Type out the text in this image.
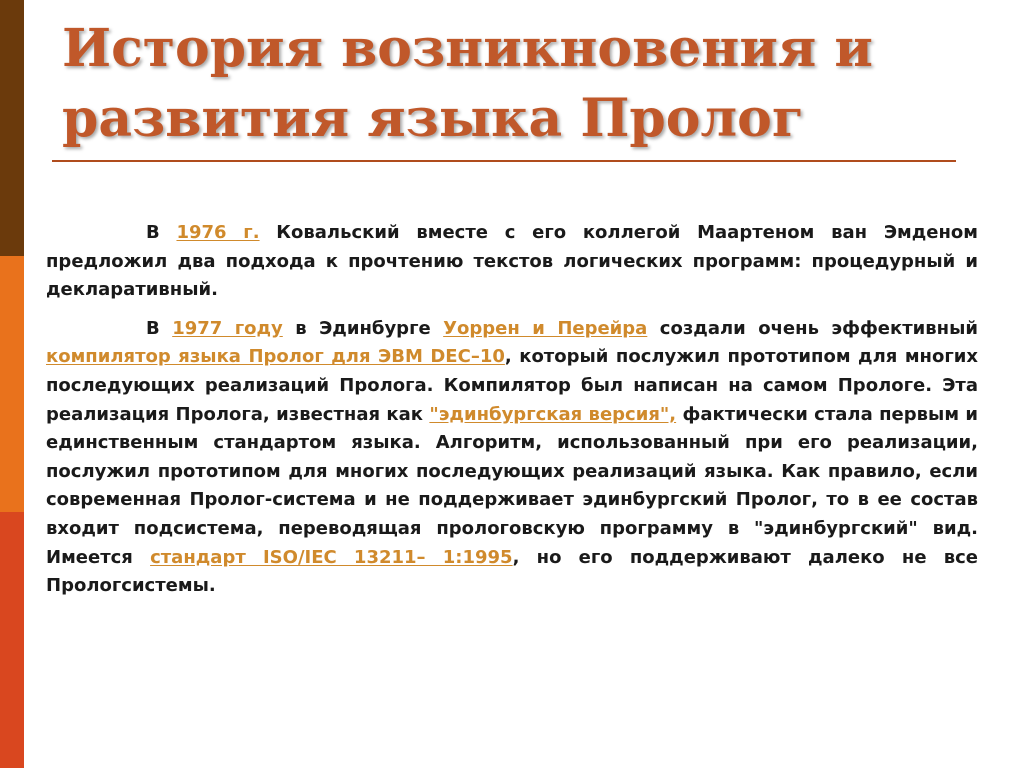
История возникновения и
развития языка Пролог

В 1976 г. Ковальский вместе с его коллегой Маартеном ван Эмденом предложил два подхода к прочтению текстов логических программ: процедурный и декларативный.

В 1977 году в Эдинбурге Уоррен и Перейра создали очень эффективный компилятор языка Пролог для ЭВМ DEC–10, который послужил прототипом для многих последующих реализаций Пролога. Компилятор был написан на самом Прологе. Эта реализация Пролога, известная как "эдинбургская версия", фактически стала первым и единственным стандартом языка. Алгоритм, использованный при его реализации, послужил прототипом для многих последующих реализаций языка. Как правило, если современная Пролог-система и не поддерживает эдинбургский Пролог, то в ее состав входит подсистема, переводящая прологовскую программу в "эдинбургский" вид. Имеется стандарт ISO/IEC 13211– 1:1995, но его поддерживают далеко не все Прологсистемы.
